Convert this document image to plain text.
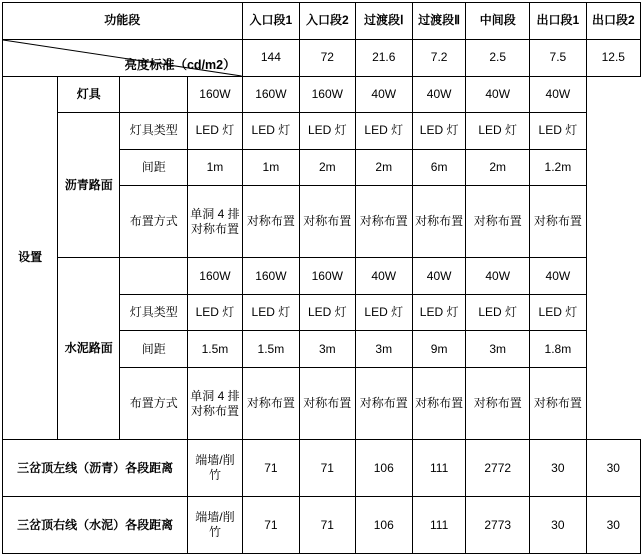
功能段				入口段1	入口段2	过渡段Ⅰ	过渡段Ⅱ	中间段	出口段1	出口段2

亮度标准（cd/m2）				144	72	21.6	7.2	2.5	7.5	12.5
设置	灯具		160W	160W	160W	40W	40W	40W	40W	
	沥青路面	灯具类型	LED 灯	LED 灯	LED 灯	LED 灯	LED 灯	LED 灯	LED 灯	
		间距	1m	1m	2m	2m	6m	2m	1.2m	
		布置方式	单洞 4 排对称布置	对称布置	对称布置	对称布置	对称布置	对称布置	对称布置	
	水泥路面		160W	160W	160W	40W	40W	40W	40W	
		灯具类型	LED 灯	LED 灯	LED 灯	LED 灯	LED 灯	LED 灯	LED 灯	
		间距	1.5m	1.5m	3m	3m	9m	3m	1.8m	
		布置方式	单洞 4 排对称布置	对称布置	对称布置	对称布置	对称布置	对称布置	对称布置	
三岔顶左线（沥青）各段距离			端墙/削竹	71	71	106	111	2772	30	30
三岔顶右线（水泥）各段距离			端墙/削竹	71	71	106	111	2773	30	30
